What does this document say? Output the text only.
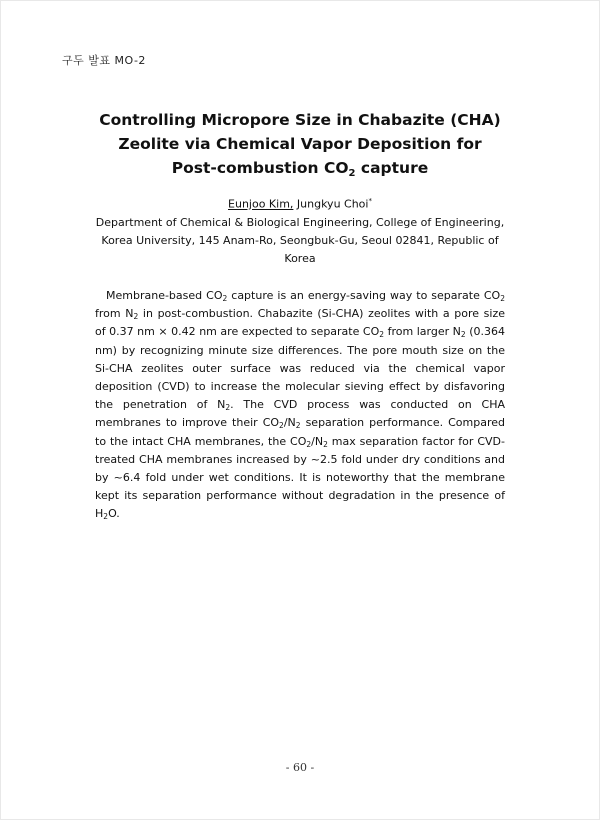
구두 발표 MO-2
Controlling Micropore Size in Chabazite (CHA)
Zeolite via Chemical Vapor Deposition for
Post-combustion $CO_2$ capture
Eunjoo Kim, Jungkyu Choi*
Department of Chemical & Biological Engineering, College of Engineering,
Korea University, 145 Anam-Ro, Seongbuk-Gu, Seoul 02841, Republic of
Korea
Membrane-based $CO_2$ capture is an energy-saving way to separate $CO_2$ from $N_2$ in post-combustion. Chabazite (Si-CHA) zeolites with a pore size of 0.37 nm × 0.42 nm are expected to separate $CO_2$ from larger $N_2$ (0.364 nm) by recognizing minute size differences. The pore mouth size on the Si-CHA zeolites outer surface was reduced via the chemical vapor deposition (CVD) to increase the molecular sieving effect by disfavoring the penetration of $N_2$. The CVD process was conducted on CHA membranes to improve their $CO_2/N_2$ separation performance. Compared to the intact CHA membranes, the $CO_2/N_2$ max separation factor for CVD-treated CHA membranes increased by ~2.5 fold under dry conditions and by ~6.4 fold under wet conditions. It is noteworthy that the membrane kept its separation performance without degradation in the presence of $H_2O$.
- 60 -
